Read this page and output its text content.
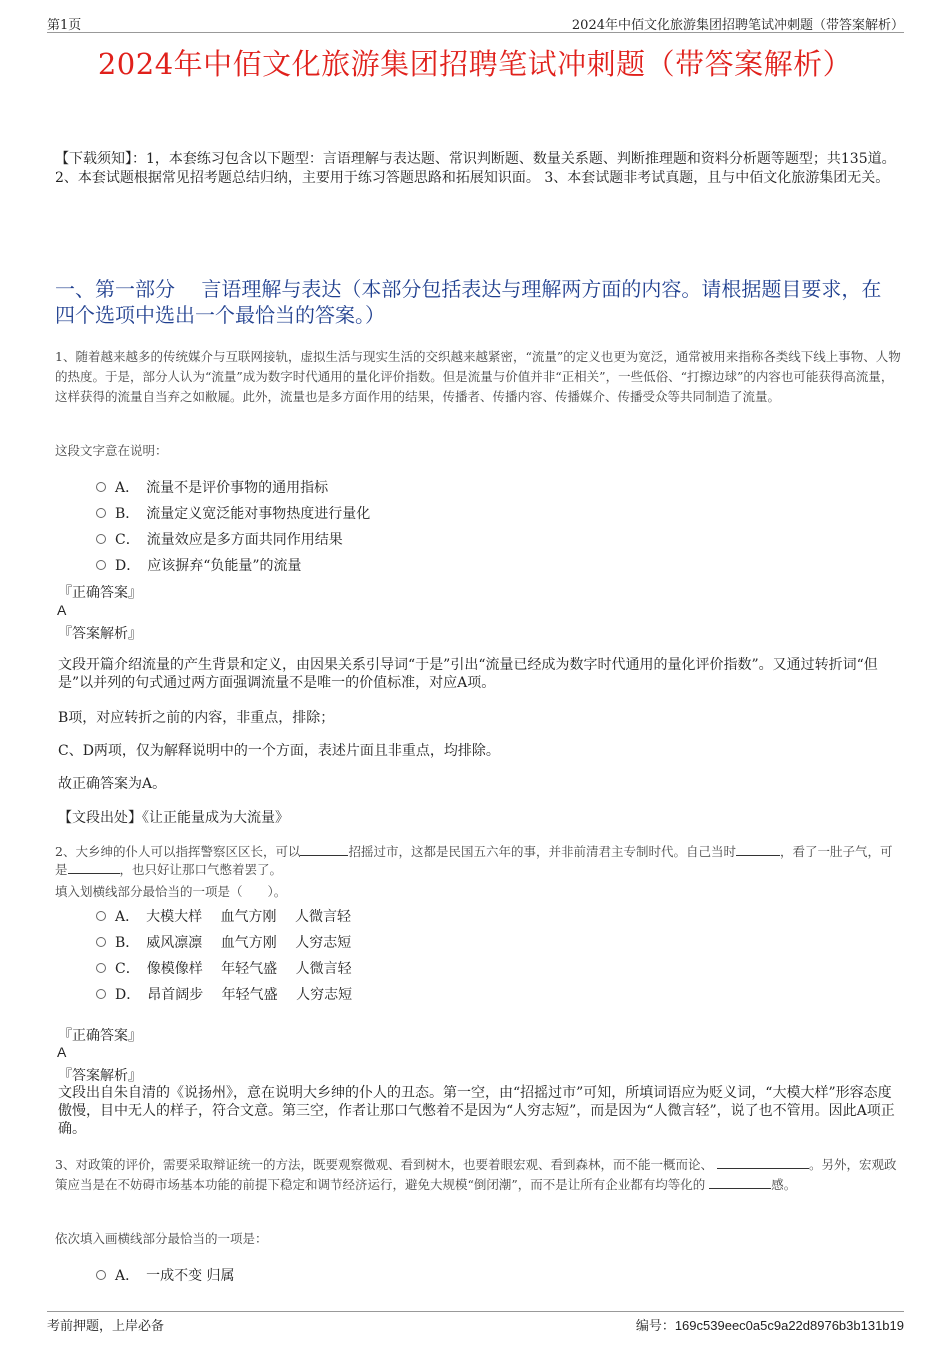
第1页	2024年中佰文化旅游集团招聘笔试冲刺题（带答案解析）
2024年中佰文化旅游集团招聘笔试冲刺题（带答案解析）
【下载须知】：1，本套练习包含以下题型：言语理解与表达题、常识判断题、数量关系题、判断推理题和资料分析题等题型；共135道。 2、本套试题根据常见招考题总结归纳，主要用于练习答题思路和拓展知识面。 3、本套试题非考试真题，且与中佰文化旅游集团无关。
一、第一部分　 言语理解与表达（本部分包括表达与理解两方面的内容。请根据题目要求，在四个选项中选出一个最恰当的答案。）
1、随着越来越多的传统媒介与互联网接轨，虚拟生活与现实生活的交织越来越紧密，“流量”的定义也更为宽泛，通常被用来指称各类线下线上事物、人物的热度。于是，部分人认为“流量”成为数字时代通用的量化评价指数。但是流量与价值并非“正相关”，一些低俗、“打擦边球”的内容也可能获得高流量，这样获得的流量自当弃之如敝屣。此外，流量也是多方面作用的结果，传播者、传播内容、传播媒介、传播受众等共同制造了流量。
这段文字意在说明：
A．　流量不是评价事物的通用指标
B．　流量定义宽泛能对事物热度进行量化
C．　流量效应是多方面共同作用结果
D．　应该摒弃“负能量”的流量
『正确答案』
A
『答案解析』
文段开篇介绍流量的产生背景和定义，由因果关系引导词“于是”引出“流量已经成为数字时代通用的量化评价指数”。又通过转折词“但是”以并列的句式通过两方面强调流量不是唯一的价值标准，对应A项。
B项，对应转折之前的内容，非重点，排除；
C、D两项，仅为解释说明中的一个方面，表述片面且非重点，均排除。
故正确答案为A。
【文段出处】《让正能量成为大流量》
2、大乡绅的仆人可以指挥警察区区长，可以	招摇过市，这都是民国五六年的事，并非前清君主专制时代。自己当时	，看了一肚子气，可是	，也只好让那口气憋着罢了。
填入划横线部分最恰当的一项是（　　）。
A．　大模大样　 血气方刚　 人微言轻
B．　威风凛凛　 血气方刚　 人穷志短
C．　像模像样　 年轻气盛　 人微言轻
D．　昂首阔步　 年轻气盛　 人穷志短
『正确答案』
A
『答案解析』
文段出自朱自清的《说扬州》，意在说明大乡绅的仆人的丑态。第一空，由“招摇过市”可知，所填词语应为贬义词，“大模大样”形容态度傲慢，目中无人的样子，符合文意。第三空，作者让那口气憋着不是因为“人穷志短”，而是因为“人微言轻”，说了也不管用。因此A项正确。
3、对政策的评价，需要采取辩证统一的方法，既要观察微观、看到树木，也要着眼宏观、看到森林，而不能一概而论、	。另外，宏观政策应当是在不妨碍市场基本功能的前提下稳定和调节经济运行，避免大规模“倒闭潮”，而不是让所有企业都有均等化的	感。
依次填入画横线部分最恰当的一项是：
A．　一成不变 归属
考前押题，上岸必备	编号：169c539eec0a5c9a22d8976b3b131b19
